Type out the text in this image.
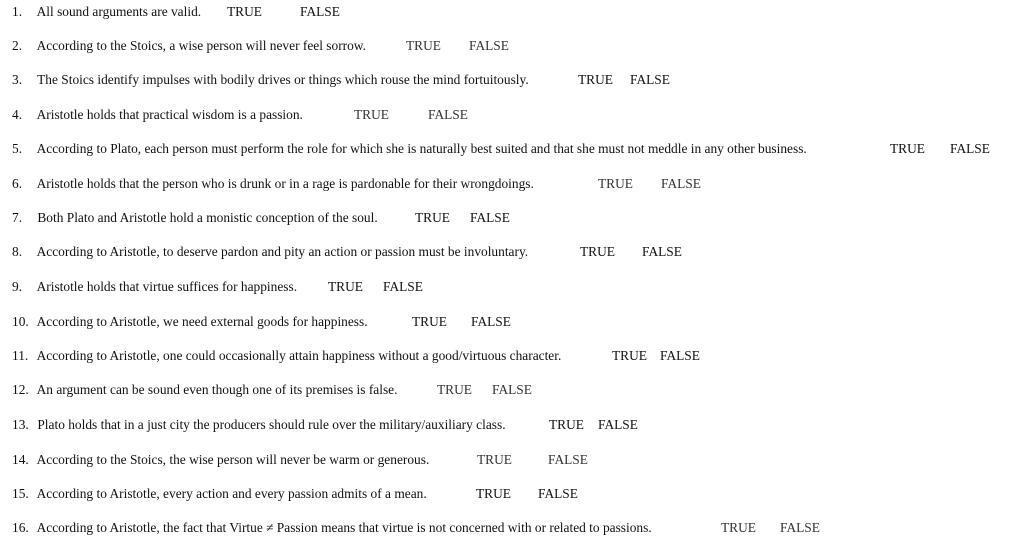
1. All sound arguments are valid. TRUE	FALSE
2. According to the Stoics, a wise person will never feel sorrow.	TRUE FALSE
3. The Stoics identify impulses with bodily drives or things which rouse the mind fortuitously.	TRUE FALSE
4. Aristotle holds that practical wisdom is a passion.	TRUE	FALSE
5. According to Plato, each person must perform the role for which she is naturally best suited and that she must not meddle in any other business.	TRUE FALSE
6. Aristotle holds that the person who is drunk or in a rage is pardonable for their wrongdoings.	TRUE FALSE
7. Both Plato and Aristotle hold a monistic conception of the soul.	TRUE FALSE
8. According to Aristotle, to deserve pardon and pity an action or passion must be involuntary.	TRUE FALSE
9. Aristotle holds that virtue suffices for happiness. TRUE FALSE
10. According to Aristotle, we need external goods for happiness.	TRUE FALSE
11. According to Aristotle, one could occasionally attain happiness without a good/virtuous character.	TRUE FALSE
12. An argument can be sound even though one of its premises is false.	TRUE FALSE
13. Plato holds that in a just city the producers should rule over the military/auxiliary class.	TRUE FALSE
14. According to the Stoics, the wise person will never be warm or generous.	TRUE	FALSE
15. According to Aristotle, every action and every passion admits of a mean.	TRUE FALSE
16. According to Aristotle, the fact that Virtue ≠ Passion means that virtue is not concerned with or related to passions.	TRUE FALSE
